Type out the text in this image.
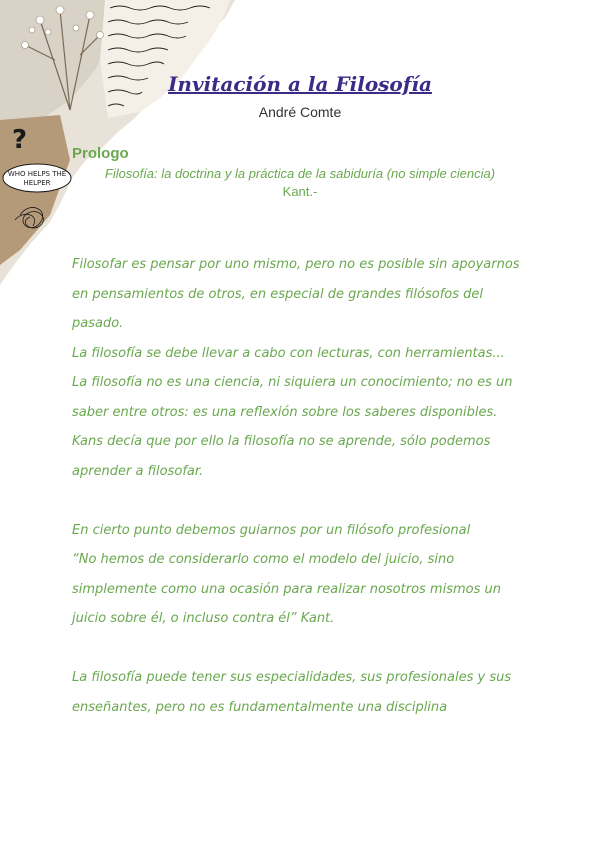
?
WHO HELPS THE
HELPER
Invitación a la Filosofía
André Comte
Prologo
Filosofía: la doctrina y la práctica de la sabiduría (no simple ciencia)
Kant.-

Filosofar es pensar por uno mismo, pero no es posible sin apoyarnos en pensamientos de otros, en especial de grandes filósofos del pasado.

La filosofía se debe llevar a cabo con lecturas, con herramientas...

La filosofía no es una ciencia, ni siquiera un conocimiento; no es un saber entre otros: es una reflexión sobre los saberes disponibles. Kans decía que por ello la filosofía no se aprende, sólo podemos aprender a filosofar.

En cierto punto debemos guiarnos por un filósofo profesional

“No hemos de considerarlo como el modelo del juicio, sino simplemente como una ocasión para realizar nosotros mismos un juicio sobre él, o incluso contra él” Kant.

La filosofía puede tener sus especialidades, sus profesionales y sus enseñantes, pero no es fundamentalmente una disciplina
